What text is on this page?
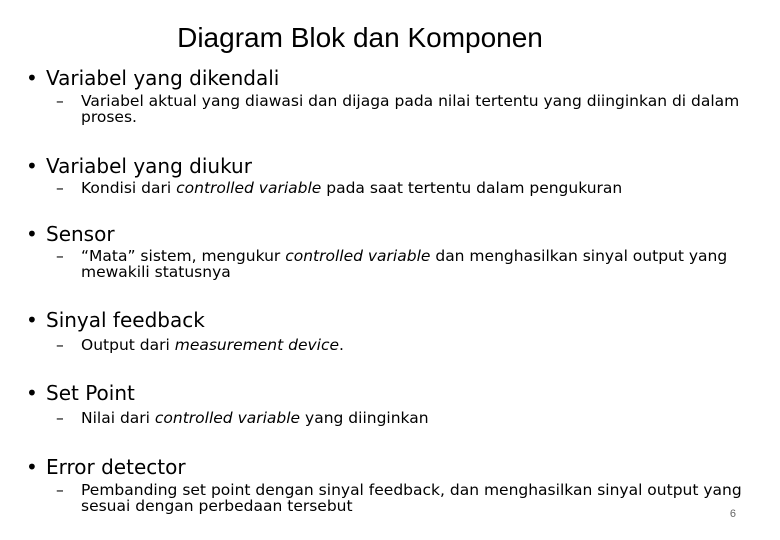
Diagram Blok dan Komponen
• Variabel yang dikendali
– Variabel aktual yang diawasi dan dijaga pada nilai tertentu yang diinginkan di dalam proses.
• Variabel yang diukur
– Kondisi dari controlled variable pada saat tertentu dalam pengukuran
• Sensor
– “Mata” sistem, mengukur controlled variable dan menghasilkan sinyal output yang mewakili statusnya
• Sinyal feedback
– Output dari measurement device.
• Set Point
– Nilai dari controlled variable yang diinginkan
• Error detector
– Pembanding set point dengan sinyal feedback, dan menghasilkan sinyal output yang sesuai dengan perbedaan tersebut	6
